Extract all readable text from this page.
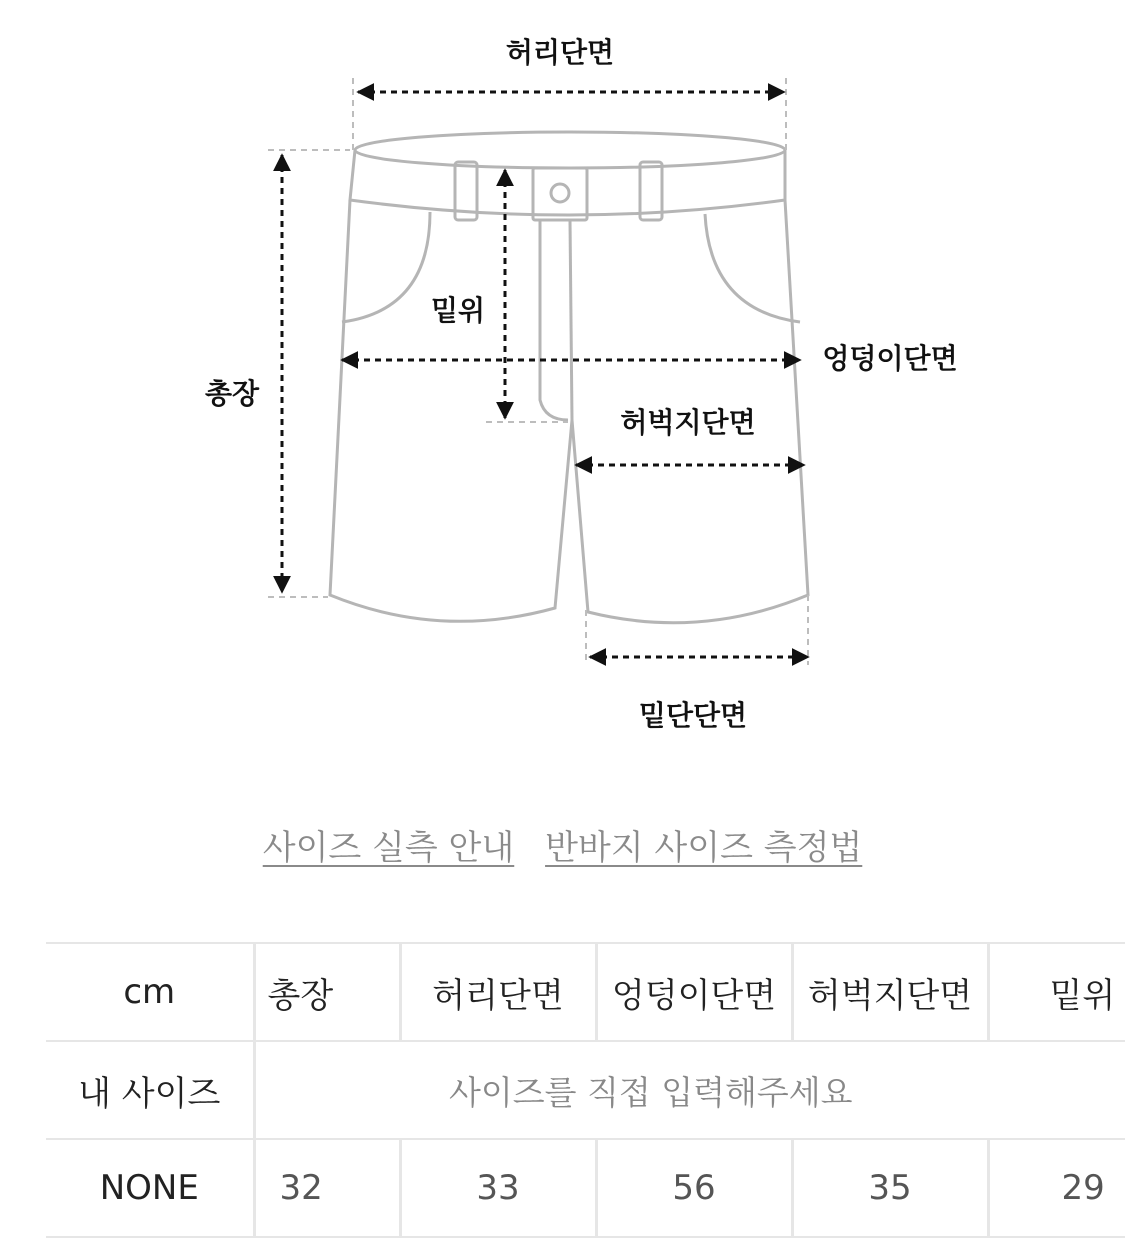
허리단면
밑위
총장
엉덩이단면
허벅지단면
밑단단면
사이즈 실측 안내 반바지 사이즈 측정법
cm	총장	허리단면	엉덩이단면	허벅지단면	밑위
내 사이즈	사이즈를 직접 입력해주세요				
NONE	32	33	56	35	29
